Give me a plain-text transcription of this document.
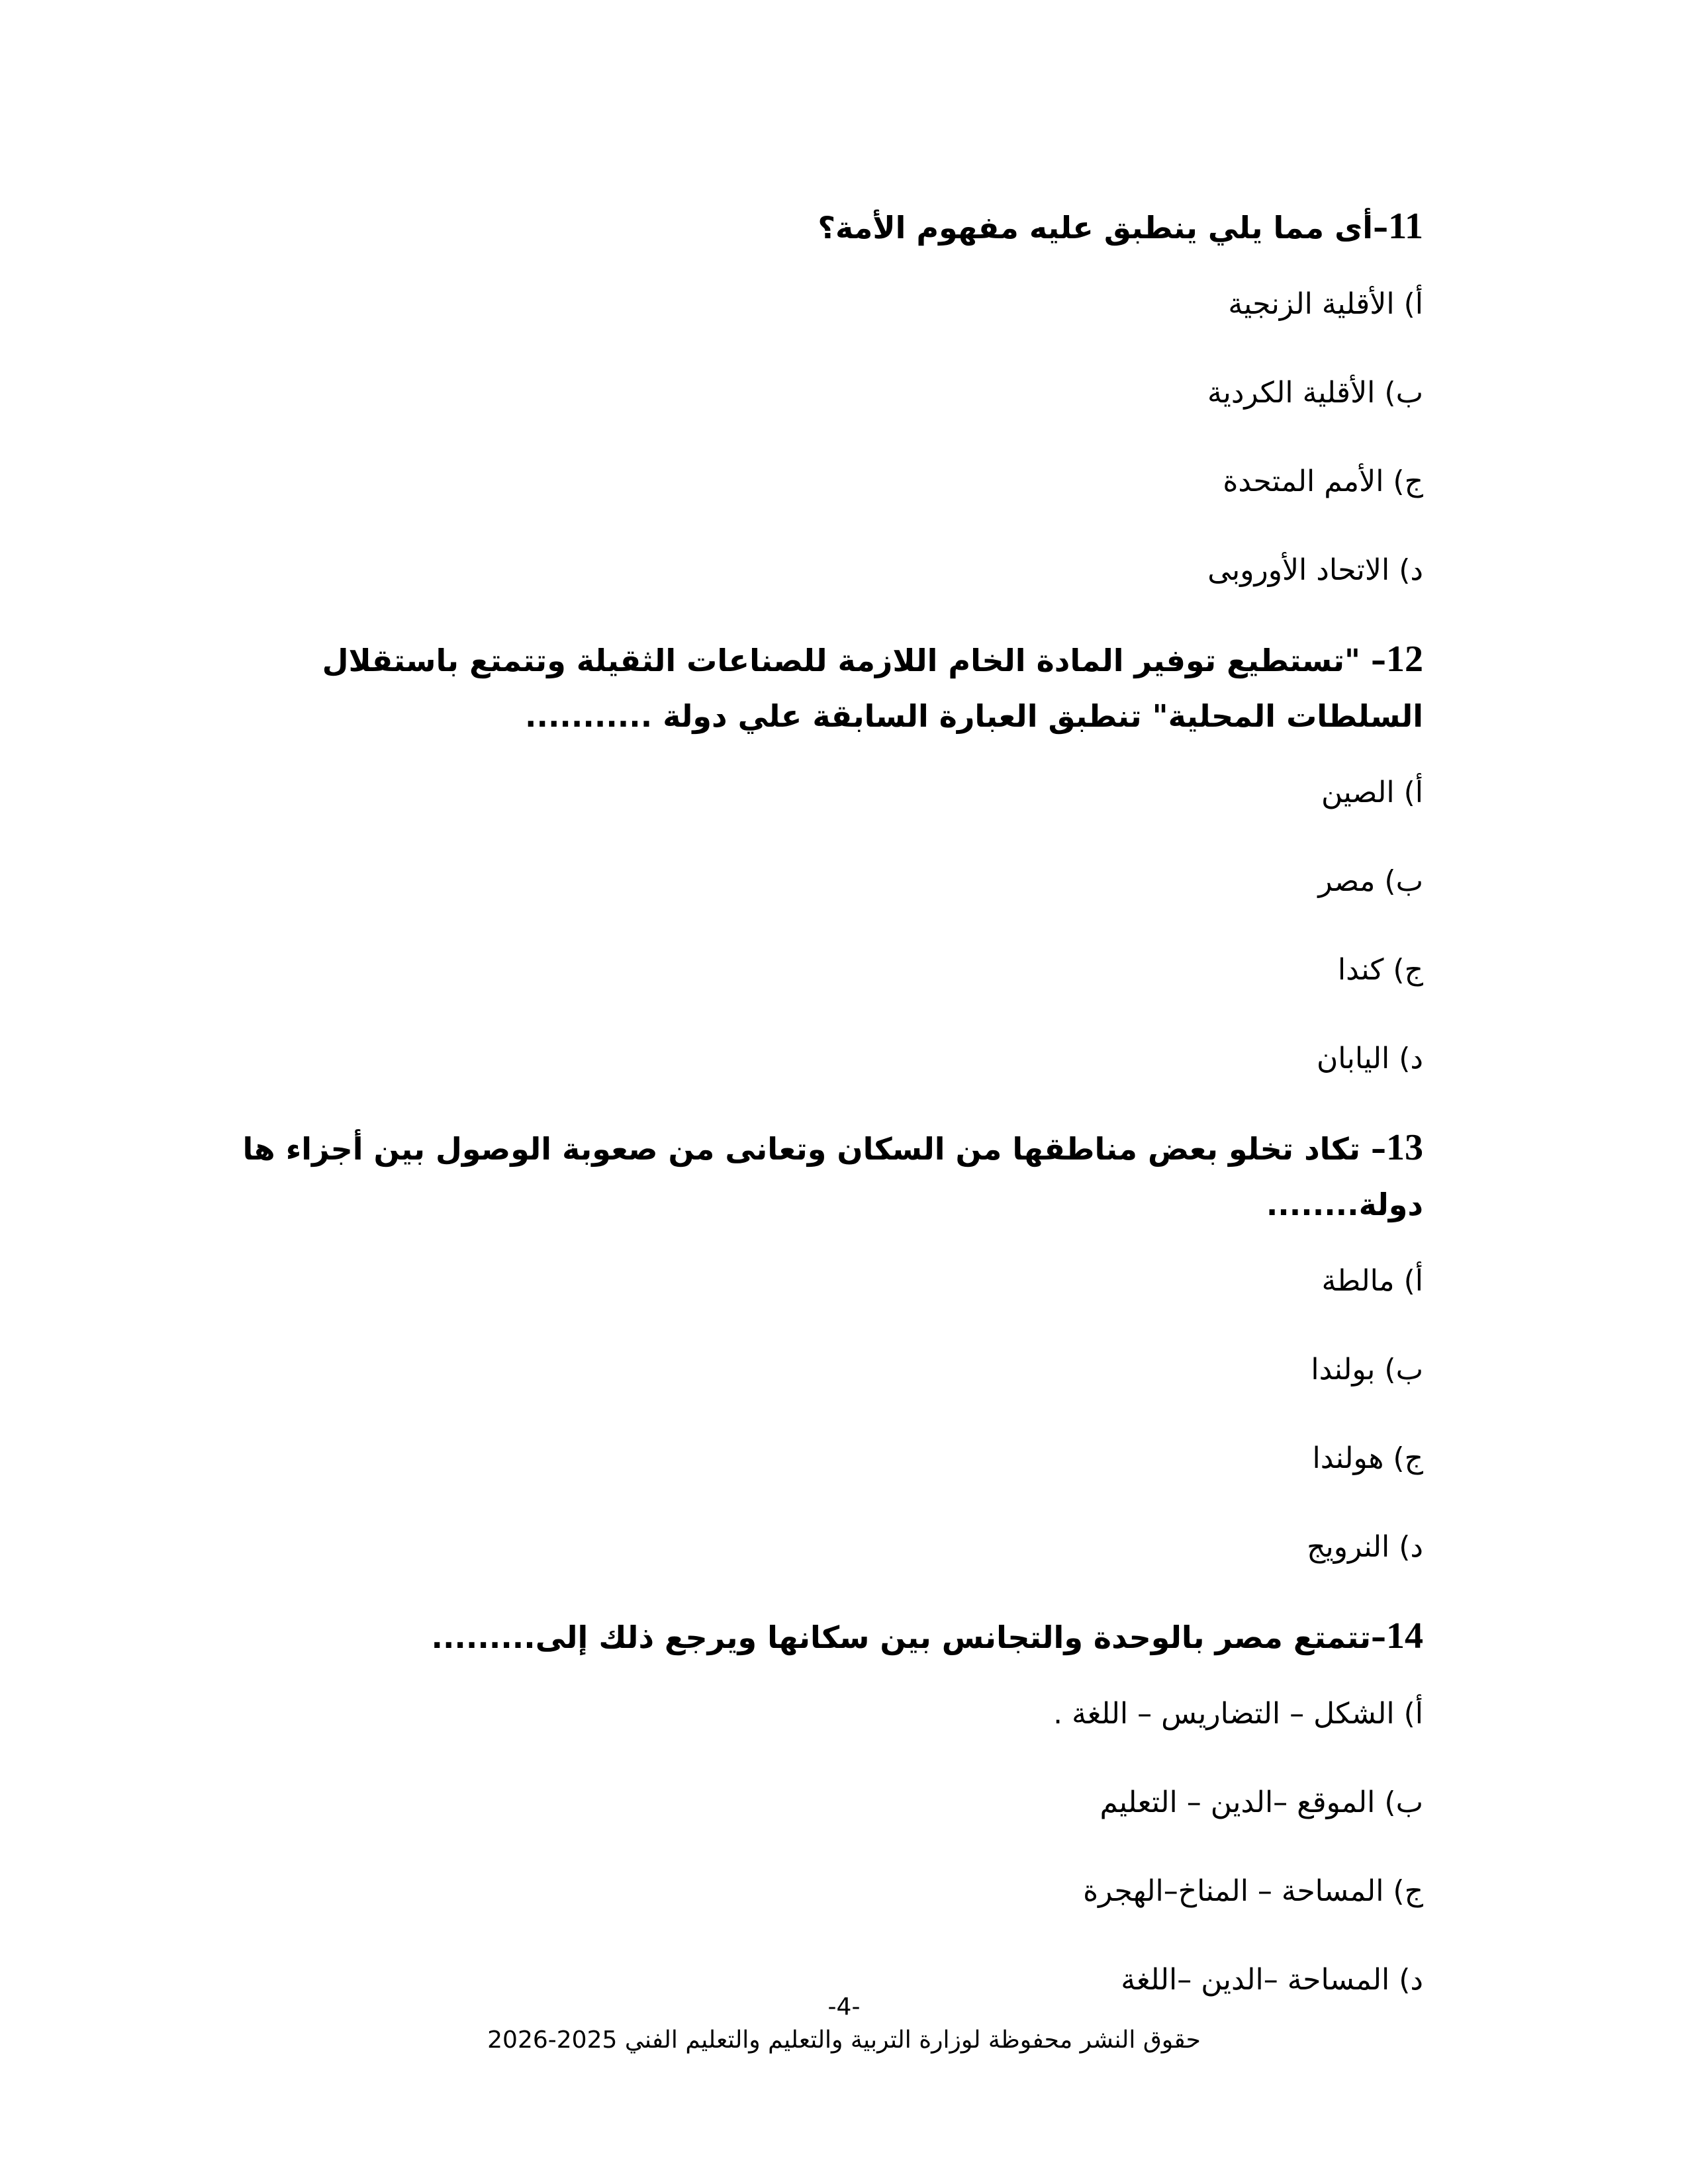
11–أى مما يلي ينطبق عليه مفهوم الأمة؟

أ) الأقلية الزنجية

ب) الأقلية الكردية

ج) الأمم المتحدة

د) الاتحاد الأوروبى

12– "تستطيع توفير المادة الخام اللازمة للصناعات الثقيلة وتتمتع باستقلال السلطات المحلية" تنطبق العبارة السابقة علي دولة ...........

أ) الصين

ب) مصر

ج) كندا

د) اليابان

13– تكاد تخلو بعض مناطقها من السكان وتعانى من صعوبة الوصول بين أجزاء ها دولة........

أ) مالطة

ب) بولندا

ج) هولندا

د) النرويج

14–تتمتع مصر بالوحدة والتجانس بين سكانها ويرجع ذلك إلى.........

أ) الشكل – التضاريس – اللغة .

ب) الموقع –الدين – التعليم

ج) المساحة – المناخ–الهجرة

د) المساحة –الدين –اللغة

-4-
حقوق النشر محفوظة لوزارة التربية والتعليم والتعليم الفني 2025-2026
